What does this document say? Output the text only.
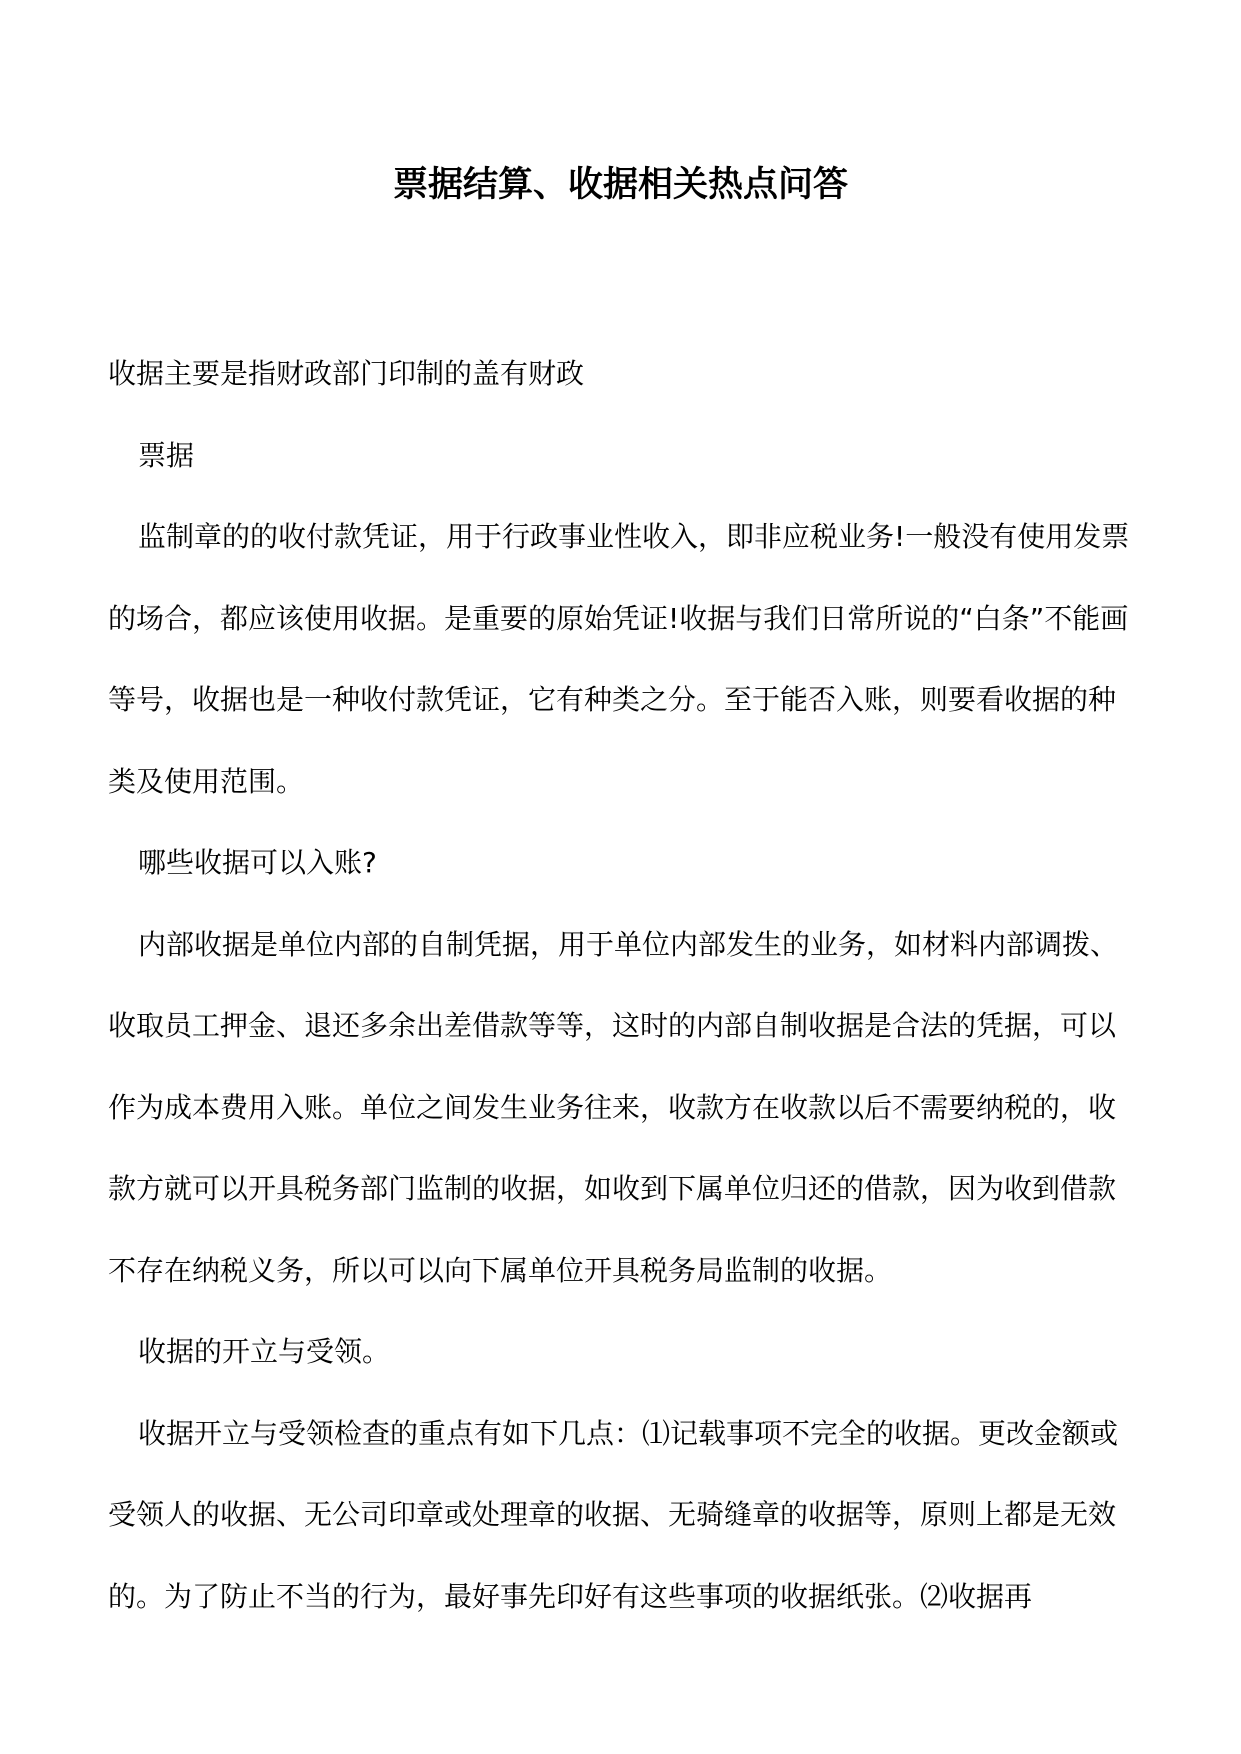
票据结算、收据相关热点问答

收据主要是指财政部门印制的盖有财政

票据

监制章的的收付款凭证，用于行政事业性收入，即非应税业务!一般没有使用发票的场合，都应该使用收据。是重要的原始凭证!收据与我们日常所说的“白条”不能画等号，收据也是一种收付款凭证，它有种类之分。至于能否入账，则要看收据的种类及使用范围。

哪些收据可以入账?

内部收据是单位内部的自制凭据，用于单位内部发生的业务，如材料内部调拨、收取员工押金、退还多余出差借款等等，这时的内部自制收据是合法的凭据，可以作为成本费用入账。单位之间发生业务往来，收款方在收款以后不需要纳税的，收款方就可以开具税务部门监制的收据，如收到下属单位归还的借款，因为收到借款不存在纳税义务，所以可以向下属单位开具税务局监制的收据。

收据的开立与受领。

收据开立与受领检查的重点有如下几点：⑴记载事项不完全的收据。更改金额或受领人的收据、无公司印章或处理章的收据、无骑缝章的收据等，原则上都是无效的。为了防止不当的行为，最好事先印好有这些事项的收据纸张。⑵收据再
